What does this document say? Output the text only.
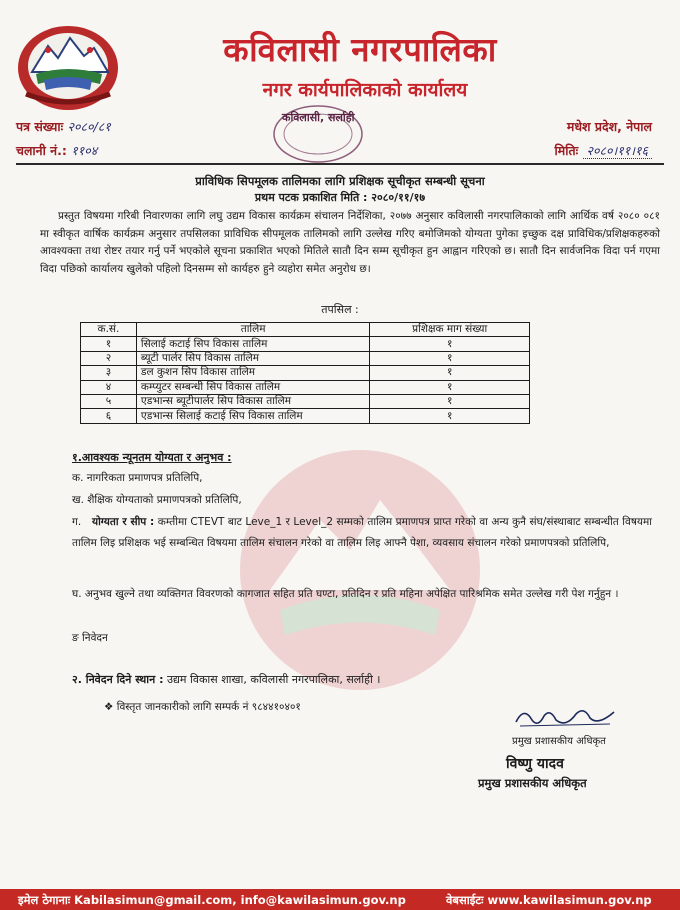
कविलासी नगरपालिका
नगर कार्यपालिकाको कार्यालय
पत्र संख्याः २०८०/८१
चलानी नं.: ११०४
मधेश प्रदेश, नेपाल
मितिः २०८०।११।१६
कविलासी, सर्लाही
प्राविधिक सिपमूलक तालिमका लागि प्रशिक्षक सूचीकृत सम्बन्धी सूचना
प्रथम पटक प्रकाशित मिति : २०८०/११/१७
प्रस्तुत विषयमा गरिबी निवारणका लागि लघु उद्यम विकास कार्यक्रम संचालन निर्देशिका, २०७७ अनुसार कविलासी नगरपालिकाको लागि आर्थिक वर्ष २०८० ०८१ मा स्वीकृत वार्षिक कार्यक्रम अनुसार तपसिलका प्राविधिक सीपमूलक तालिमको लागि उल्लेख गरिए बमोजिमको योग्यता पुगेका इच्छुक दक्ष प्राविधिक/प्रशिक्षकहरुको आवश्यक्ता तथा रोष्टर तयार गर्नु पर्ने भएकोले सूचना प्रकाशित भएको मितिले सातौ दिन सम्म सूचीकृत हुन आह्वान गरिएको छ। सातौ दिन सार्वजनिक विदा पर्न गएमा विदा पछिको कार्यालय खुलेको पहिलो दिनसम्म सो कार्यहरु हुने व्यहोरा समेत अनुरोध छ।
तपसिल :
क.सं.	तालिम	प्रशिक्षक माग संख्या
१	सिलाई कटाई सिप विकास तालिम	१
२	ब्यूटी पार्लर सिप विकास तालिम	१
३	डल कुशन सिप विकास तालिम	१
४	कम्प्युटर सम्बन्धी सिप विकास तालिम	१
५	एडभान्स ब्यूटीपार्लर सिप विकास तालिम	१
६	एडभान्स सिलाई कटाई सिप विकास तालिम	१
१.आवश्यक न्यूनतम योग्यता र अनुभव :
क. नागरिकता प्रमाणपत्र प्रतिलिपि,
ख. शैक्षिक योग्यताको प्रमाणपत्रको प्रतिलिपि,
ग. योग्यता र सीप : कम्तीमा CTEVT बाट Leve_1 र Level_2 सम्मको तालिम प्रमाणपत्र प्राप्त गरेको वा अन्य कुनै संघ/संस्थाबाट सम्बन्धीत विषयमा तालिम लिइ प्रशिक्षक भई सम्बन्धित विषयमा तालिम संचालन गरेको वा तालिम लिइ आफ्नै पेशा, व्यवसाय संचालन गरेको प्रमाणपत्रको प्रतिलिपि,
घ. अनुभव खुल्ने तथा व्यक्तिगत विवरणको कागजात सहित प्रति घण्टा, प्रतिदिन र प्रति महिना अपेक्षित पारिश्रमिक समेत उल्लेख गरी पेश गर्नुहुन ।
ङ निवेदन
२. निवेदन दिने स्थान : उद्यम विकास शाखा, कविलासी नगरपालिका, सर्लाही ।
❖ विस्तृत जानकारीको लागि सम्पर्क नं ९८४४१०४०१
प्रमुख प्रशासकीय अधिकृत
विष्णु यादव
प्रमुख प्रशासकीय अधिकृत
इमेल ठेगानाः Kabilasimun@gmail.com, info@kawilasimun.gov.np	वेबसाईटः www.kawilasimun.gov.np
